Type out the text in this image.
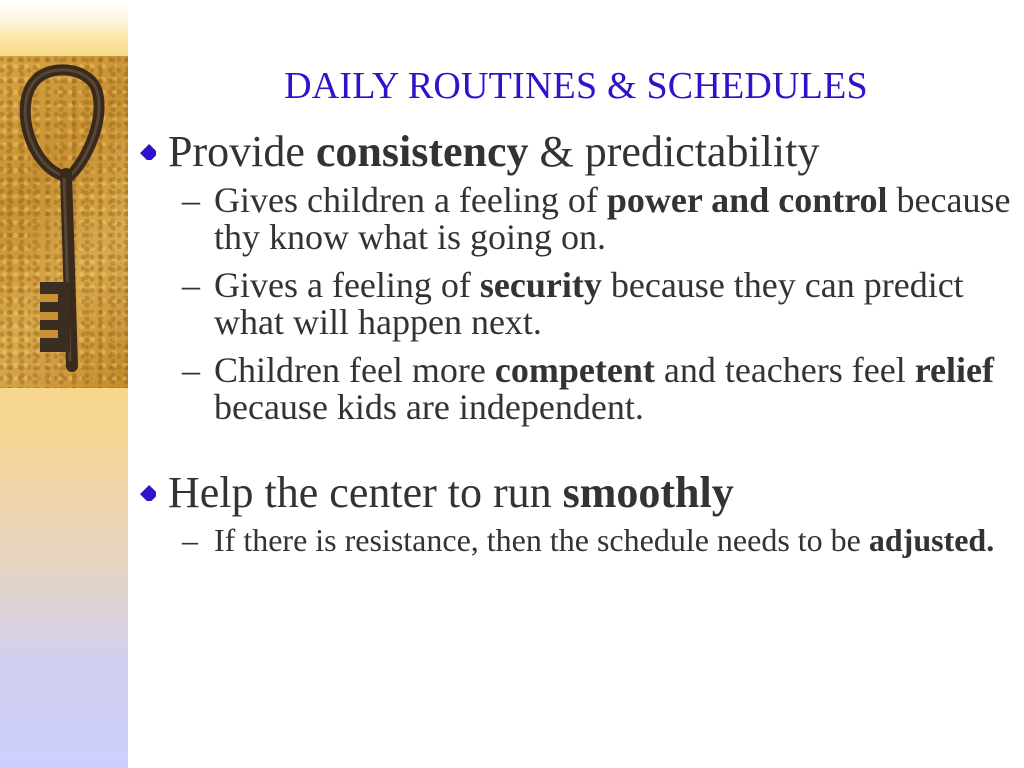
DAILY ROUTINES & SCHEDULES
Provide consistency & predictability
– Gives children a feeling of power and control because thy know what is going on.
– Gives a feeling of security because they can predict what will happen next.
– Children feel more competent and teachers feel relief because kids are independent.
Help the center to run smoothly
– If there is resistance, then the schedule needs to be adjusted.
